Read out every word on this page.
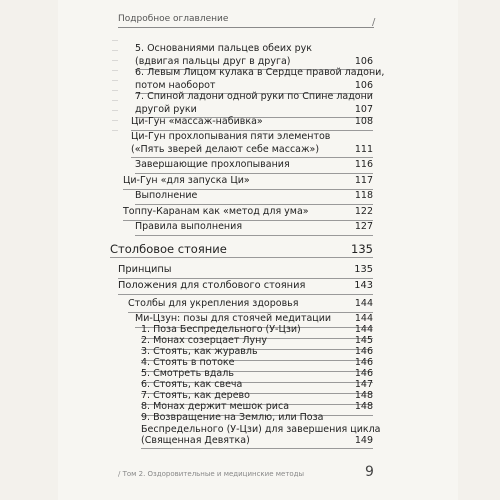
Подробное оглавление	/
5. Основаниями пальцев обеих рук
(вдвигая пальцы друг в друга)	106
6. Левым Лицом кулака в Сердце правой ладони,
потом наоборот	106
7. Спиной ладони одной руки по Спине ладони
другой руки	107
Ци-Гун «массаж-набивка»	108
Ци-Гун прохлопывания пяти элементов
(«Пять зверей делают себе массаж»)	111
Завершающие прохлопывания	116
Ци-Гун «для запуска Ци»	117
Выполнение	118
Топпу-Каранам как «метод для ума»	122
Правила выполнения	127
Столбовое стояние	135
Принципы	135
Положения для столбового стояния	143
Столбы для укрепления здоровья	144
Ми-Цзун: позы для стоячей медитации	144
1. Поза Беспредельного (У-Цзи)	144
2. Монах созерцает Луну	145
3. Стоять, как журавль	146
4. Стоять в потоке	146
5. Смотреть вдаль	146
6. Стоять, как свеча	147
7. Стоять, как дерево	148
8. Монах держит мешок риса	148
9. Возвращение на Землю, или Поза
Беспредельного (У-Цзи) для завершения цикла
(Священная Девятка)	149
/ Том 2. Оздоровительные и медицинские методы	9
